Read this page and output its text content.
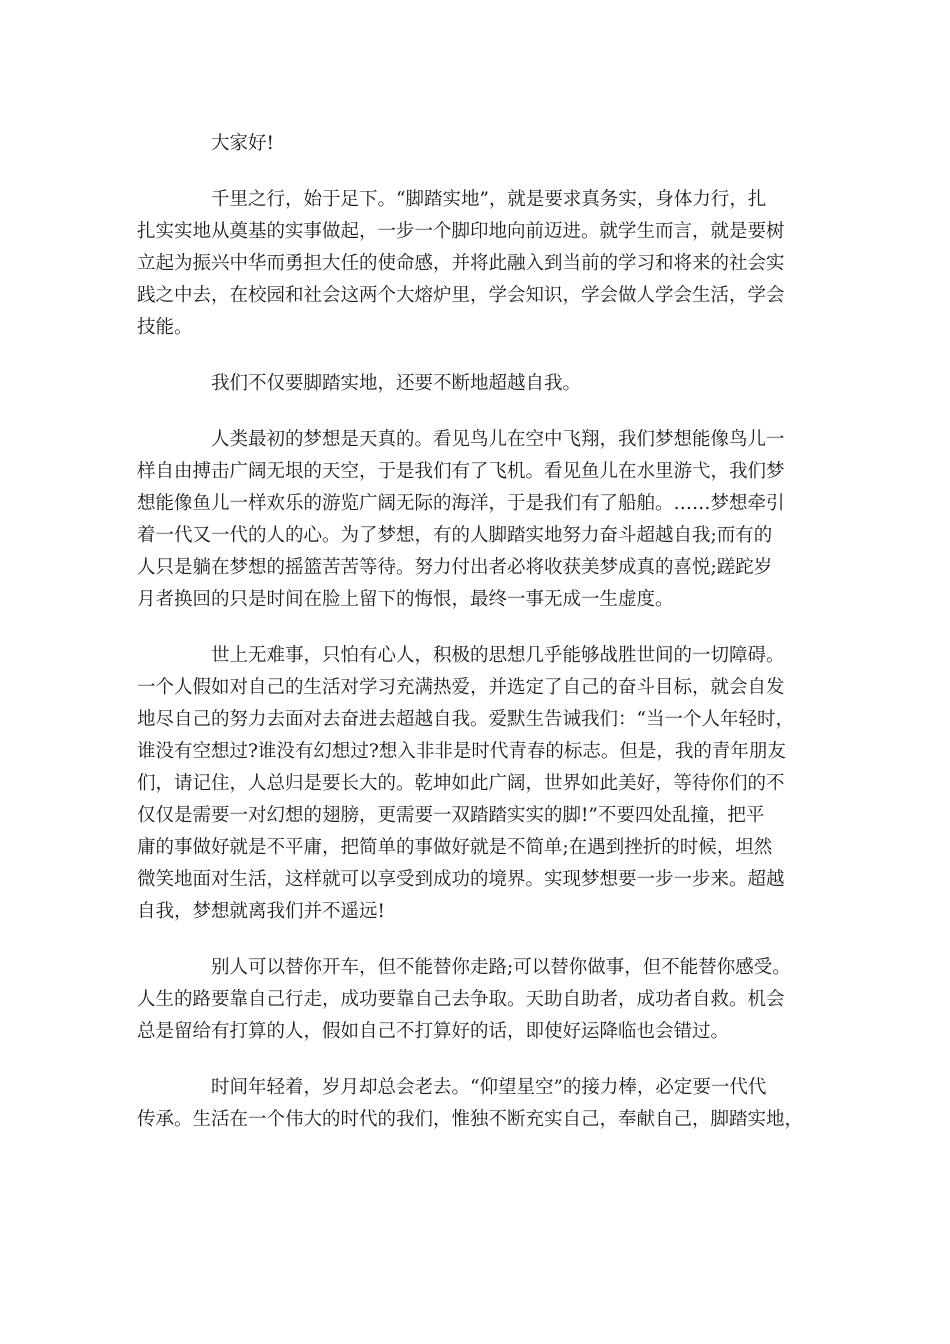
大家好!

千里之行，始于足下。“脚踏实地”，就是要求真务实，身体力行，扎
扎实实地从奠基的实事做起，一步一个脚印地向前迈进。就学生而言，就是要树
立起为振兴中华而勇担大任的使命感，并将此融入到当前的学习和将来的社会实
践之中去，在校园和社会这两个大熔炉里，学会知识，学会做人学会生活，学会
技能。

我们不仅要脚踏实地，还要不断地超越自我。

人类最初的梦想是天真的。看见鸟儿在空中飞翔，我们梦想能像鸟儿一
样自由搏击广阔无垠的天空，于是我们有了飞机。看见鱼儿在水里游弋，我们梦
想能像鱼儿一样欢乐的游览广阔无际的海洋，于是我们有了船舶。……梦想牵引
着一代又一代的人的心。为了梦想，有的人脚踏实地努力奋斗超越自我;而有的
人只是躺在梦想的摇篮苦苦等待。努力付出者必将收获美梦成真的喜悦;蹉跎岁
月者换回的只是时间在脸上留下的悔恨，最终一事无成一生虚度。

世上无难事，只怕有心人，积极的思想几乎能够战胜世间的一切障碍。
一个人假如对自己的生活对学习充满热爱，并选定了自己的奋斗目标，就会自发
地尽自己的努力去面对去奋进去超越自我。爱默生告诫我们：“当一个人年轻时，
谁没有空想过?谁没有幻想过?想入非非是时代青春的标志。但是，我的青年朋友
们，请记住，人总归是要长大的。乾坤如此广阔，世界如此美好，等待你们的不
仅仅是需要一对幻想的翅膀，更需要一双踏踏实实的脚!”不要四处乱撞，把平
庸的事做好就是不平庸，把简单的事做好就是不简单;在遇到挫折的时候，坦然
微笑地面对生活，这样就可以享受到成功的境界。实现梦想要一步一步来。超越
自我，梦想就离我们并不遥远!

别人可以替你开车，但不能替你走路;可以替你做事，但不能替你感受。
人生的路要靠自己行走，成功要靠自己去争取。天助自助者，成功者自救。机会
总是留给有打算的人，假如自己不打算好的话，即使好运降临也会错过。

时间年轻着，岁月却总会老去。“仰望星空”的接力棒，必定要一代代
传承。生活在一个伟大的时代的我们，惟独不断充实自己，奉献自己，脚踏实地，
